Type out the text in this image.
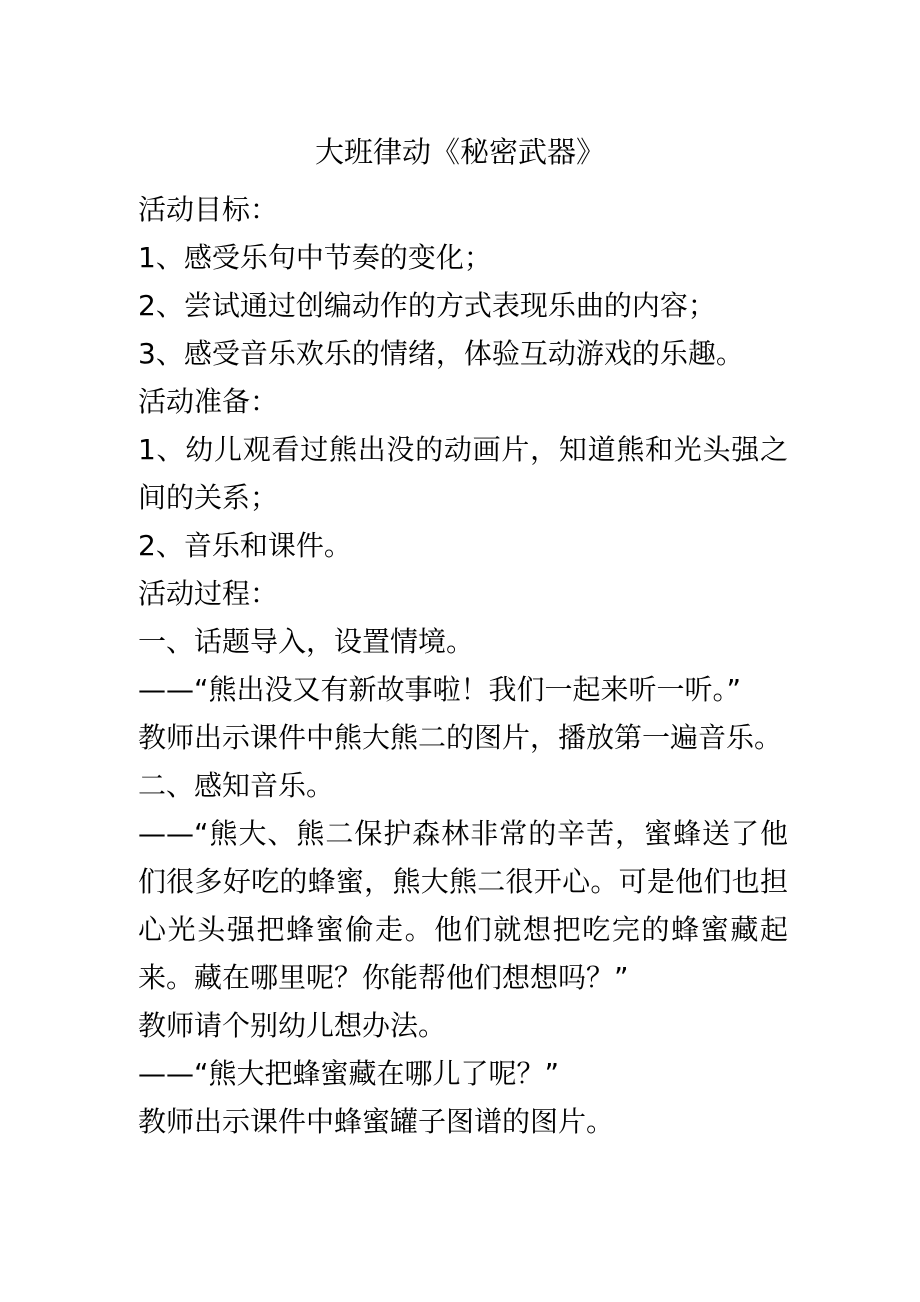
大班律动《秘密武器》

活动目标：

1、感受乐句中节奏的变化；

2、尝试通过创编动作的方式表现乐曲的内容；

3、感受音乐欢乐的情绪，体验互动游戏的乐趣。

活动准备：

1、幼儿观看过熊出没的动画片，知道熊和光头强之间的关系；

2、音乐和课件。

活动过程：

一、话题导入，设置情境。

——“熊出没又有新故事啦！我们一起来听一听。”

教师出示课件中熊大熊二的图片，播放第一遍音乐。

二、感知音乐。

——“熊大、熊二保护森林非常的辛苦，蜜蜂送了他们很多好吃的蜂蜜，熊大熊二很开心。可是他们也担心光头强把蜂蜜偷走。他们就想把吃完的蜂蜜藏起来。藏在哪里呢？你能帮他们想想吗？”

教师请个别幼儿想办法。

——“熊大把蜂蜜藏在哪儿了呢？”

教师出示课件中蜂蜜罐子图谱的图片。
